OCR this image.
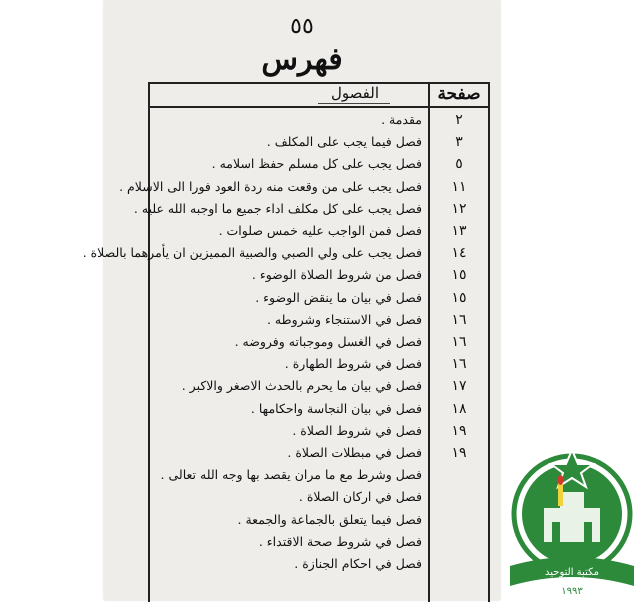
٥٥
فهرس
صفحة
الفصول
مقدمة .	٢
فصل فيما يجب على المكلف .	٣
فصل يجب على كل مسلم حفظ اسلامه .	٥
فصل يجب على من وقعت منه ردة العود فورا الى الاسلام .	١١
فصل يجب على كل مكلف اداء جميع ما اوجبه الله عليه .	١٢
فصل فمن الواجب عليه خمس صلوات .	١٣
فصل يجب على ولي الصبي والصبية المميزين ان يأمرهما بالصلاة .	١٤
فصل من شروط الصلاة الوضوء .	١٥
فصل في بيان ما ينقض الوضوء .	١٥
فصل في الاستنجاء وشروطه .	١٦
فصل في الغسل وموجباته وفروضه .	١٦
فصل في شروط الطهارة .	١٦
فصل في بيان ما يحرم بالحدث الاصغر والاكبر .	١٧
فصل في بيان النجاسة واحكامها .	١٨
فصل في شروط الصلاة .	١٩
فصل في مبطلات الصلاة .	١٩
فصل وشرط مع ما مران يقصد بها وجه الله تعالى .
فصل في اركان الصلاة .
فصل فيما يتعلق بالجماعة والجمعة .
فصل في شروط صحة الاقتداء .
فصل في احكام الجنازة .
مكتبة التوحيد
١٩٩٣
